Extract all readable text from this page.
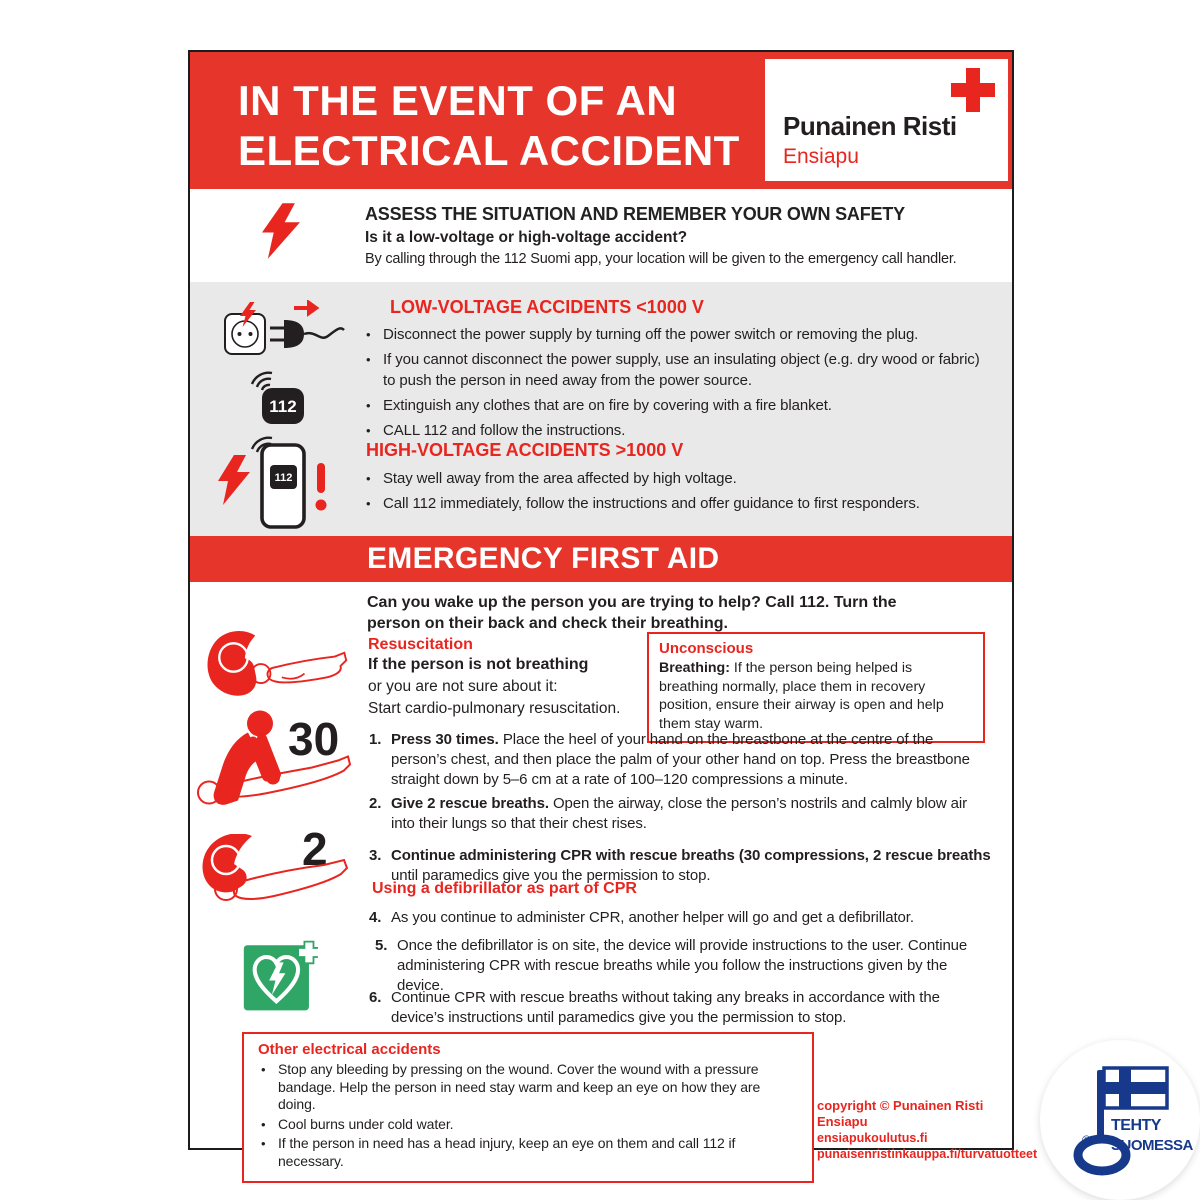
IN THE EVENT OF AN
ELECTRICAL ACCIDENT
Punainen Risti
Ensiapu
ASSESS THE SITUATION AND REMEMBER YOUR OWN SAFETY
Is it a low-voltage or high-voltage accident?
By calling through the 112 Suomi app, your location will be given to the emergency call handler.
112
LOW-VOLTAGE ACCIDENTS <1000 V
• Disconnect the power supply by turning off the power switch or removing the plug.
• If you cannot disconnect the power supply, use an insulating object (e.g. dry wood or fabric) to push the person in need away from the power source.
• Extinguish any clothes that are on fire by covering with a fire blanket.
• CALL 112 and follow the instructions.
112
HIGH-VOLTAGE ACCIDENTS >1000 V
• Stay well away from the area affected by high voltage.
• Call 112 immediately, follow the instructions and offer guidance to first responders.
EMERGENCY FIRST AID
Can you wake up the person you are trying to help? Call 112. Turn the person on their back and check their breathing.
Resuscitation
If the person is not breathing
or you are not sure about it:
Start cardio-pulmonary resuscitation.
Unconscious
Breathing: If the person being helped is breathing normally, place them in recovery position, ensure their airway is open and help them stay warm.
30 1. Press 30 times. Place the heel of your hand on the breastbone at the centre of the person’s chest, and then place the palm of your other hand on top. Press the breastbone straight down by 5–6 cm at a rate of 100–120 compressions a minute.
2. Give 2 rescue breaths. Open the airway, close the person’s nostrils and calmly blow air into their lungs so that their chest rises.
3. Continue administering CPR with rescue breaths (30 compressions, 2 rescue breaths until paramedics give you the permission to stop.
2
Using a defibrillator as part of CPR
4. As you continue to administer CPR, another helper will go and get a defibrillator.
5. Once the defibrillator is on site, the device will provide instructions to the user. Continue administering CPR with rescue breaths while you follow the instructions given by the device.
6. Continue CPR with rescue breaths without taking any breaks in accordance with the device’s instructions until paramedics give you the permission to stop.
Other electrical accidents
• Stop any bleeding by pressing on the wound. Cover the wound with a pressure bandage. Help the person in need stay warm and keep an eye on how they are doing.
• Cool burns under cold water.
• If the person in need has a head injury, keep an eye on them and call 112 if necessary.
copyright © Punainen Risti Ensiapu
ensiapukoulutus.fi
punaisenristinkauppa.fi/turvatuotteet
®
TEHTY
SUOMESSA
